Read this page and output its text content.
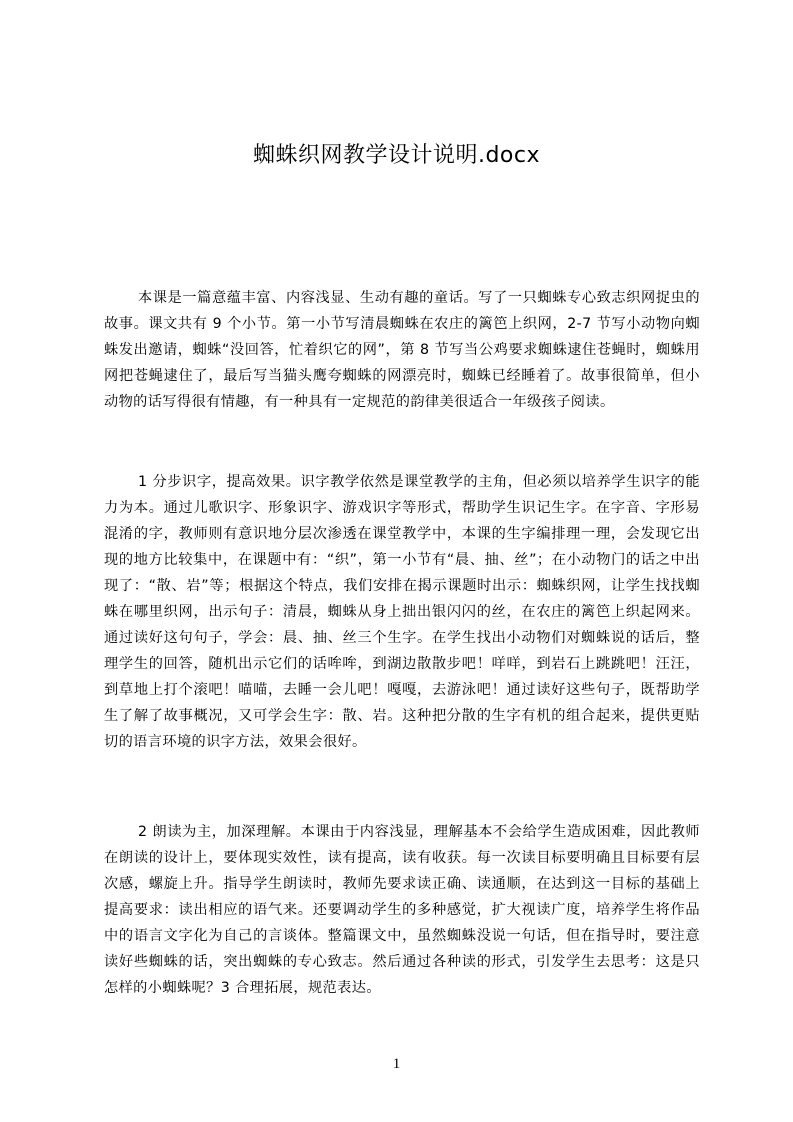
蜘蛛织网教学设计说明.docx

本课是一篇意蕴丰富、内容浅显、生动有趣的童话。写了一只蜘蛛专心致志织网捉虫的故事。课文共有 9 个小节。第一小节写清晨蜘蛛在农庄的篱笆上织网，2-7 节写小动物向蜘蛛发出邀请，蜘蛛“没回答，忙着织它的网”，第 8 节写当公鸡要求蜘蛛逮住苍蝇时，蜘蛛用网把苍蝇逮住了，最后写当猫头鹰夸蜘蛛的网漂亮时，蜘蛛已经睡着了。故事很简单，但小动物的话写得很有情趣，有一种具有一定规范的韵律美很适合一年级孩子阅读。

1 分步识字，提高效果。识字教学依然是课堂教学的主角，但必须以培养学生识字的能力为本。通过儿歌识字、形象识字、游戏识字等形式，帮助学生识记生字。在字音、字形易混淆的字，教师则有意识地分层次渗透在课堂教学中，本课的生字编排理一理，会发现它出现的地方比较集中，在课题中有：“织”，第一小节有“晨、抽、丝”；在小动物门的话之中出现了：“散、岩”等；根据这个特点，我们安排在揭示课题时出示：蜘蛛织网，让学生找找蜘蛛在哪里织网，出示句子：清晨，蜘蛛从身上拙出银闪闪的丝，在农庄的篱笆上织起网来。通过读好这句句子，学会：晨、抽、丝三个生字。在学生找出小动物们对蜘蛛说的话后，整理学生的回答，随机出示它们的话哞哞，到湖边散散步吧！咩咩，到岩石上跳跳吧！汪汪，到草地上打个滚吧！喵喵，去睡一会儿吧！嘎嘎，去游泳吧！通过读好这些句子，既帮助学生了解了故事概况，又可学会生字：散、岩。这种把分散的生字有机的组合起来，提供更贴切的语言环境的识字方法，效果会很好。

2 朗读为主，加深理解。本课由于内容浅显，理解基本不会给学生造成困难，因此教师在朗读的设计上，要体现实效性，读有提高，读有收获。每一次读目标要明确且目标要有层次感，螺旋上升。指导学生朗读时，教师先要求读正确、读通顺，在达到这一目标的基础上提高要求：读出相应的语气来。还要调动学生的多种感觉，扩大视读广度，培养学生将作品中的语言文字化为自己的言谈体。整篇课文中，虽然蜘蛛没说一句话，但在指导时，要注意读好些蜘蛛的话，突出蜘蛛的专心致志。然后通过各种读的形式，引发学生去思考：这是只怎样的小蜘蛛呢？3 合理拓展，规范表达。

1
